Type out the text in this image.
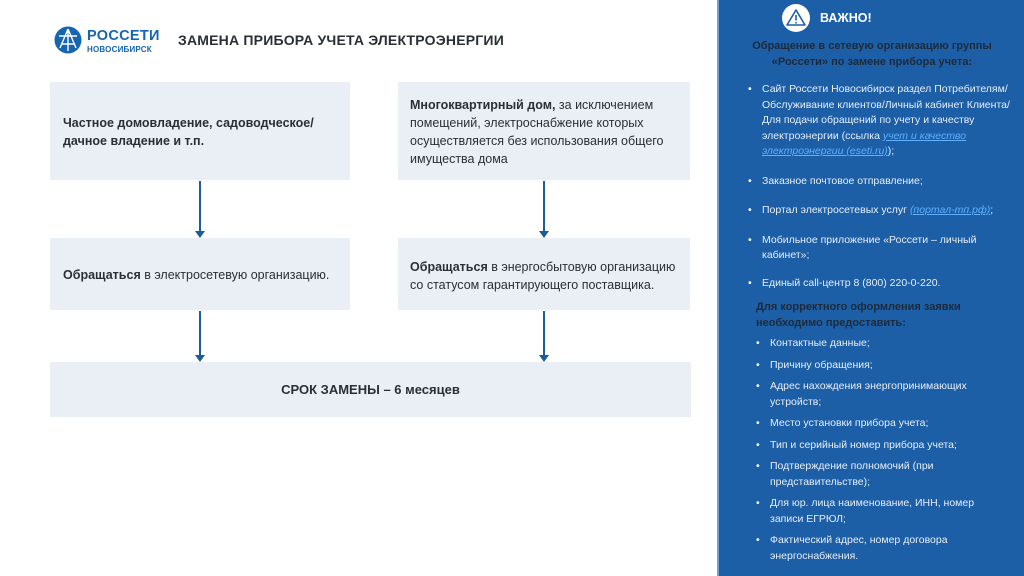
РОССЕТИ
НОВОСИБИРСК
ЗАМЕНА ПРИБОРА УЧЕТА ЭЛЕКТРОЭНЕРГИИ
Частное домовладение, садоводческое/дачное владение и т.п.
Многоквартирный дом, за исключением помещений, электроснабжение которых осуществляется без использования общего имущества дома
Обращаться в электросетевую организацию.
Обращаться в энергосбытовую организацию со статусом гарантирующего поставщика.
СРОК ЗАМЕНЫ – 6 месяцев
ВАЖНО!
Обращение в сетевую организацию группы «Россети» по замене прибора учета:
• Сайт Россети Новосибирск раздел Потребителям/Обслуживание клиентов/Личный кабинет Клиента/Для подачи обращений по учету и качеству электроэнергии (ссылка учет и качество электроэнергии (eseti.ru));
• Заказное почтовое отправление;
• Портал электросетевых услуг (портал-тп.рф);
• Мобильное приложение «Россети – личный кабинет»;
• Единый call-центр 8 (800) 220-0-220.
Для корректного оформления заявки необходимо предоставить:
• Контактные данные;
• Причину обращения;
• Адрес нахождения энергопринимающих устройств;
• Место установки прибора учета;
• Тип и серийный номер прибора учета;
• Подтверждение полномочий (при представительстве);
• Для юр. лица наименование, ИНН, номер записи ЕГРЮЛ;
• Фактический адрес, номер договора энергоснабжения.
